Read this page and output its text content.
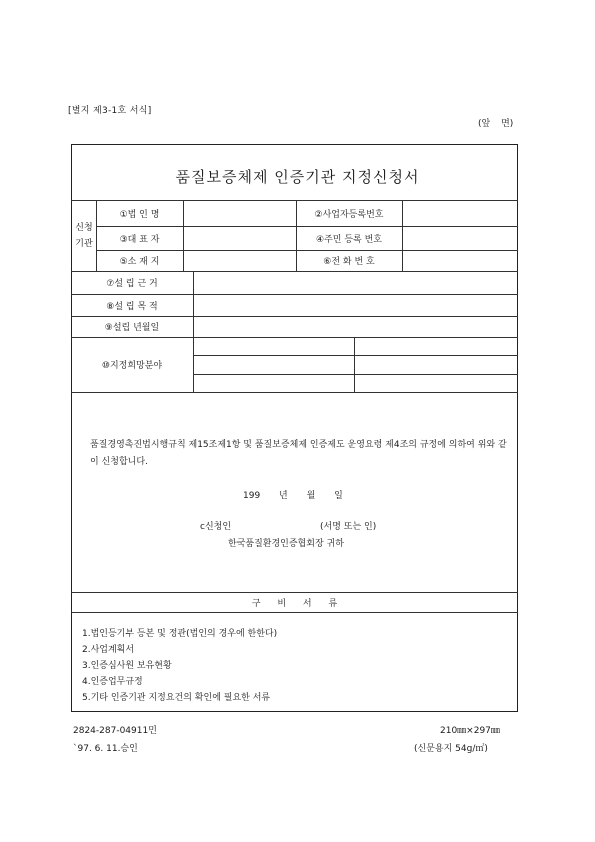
[별지 제3-1호 서식]
(앞 면)
품질보증체제 인증기관 지정신청서
신청
기관
①법 인 명	②사업자등록번호
③대 표 자	④주민 등록 번호
⑤소 재 지	⑥전 화 번 호
⑦설 립 근 거
⑧설 립 목 적
⑨설립 년월일
⑩지정희망분야
품질경영촉진법시행규칙 제15조제1항 및 품질보증체제 인증제도 운영요령 제4조의 규정에 의하여 위와 같이 신청합니다.
199 년 월 일
c신청인	(서명 또는 인)
한국품질환경인증협회장 귀하
구 비 서 류
1.법인등기부 등본 및 정관(법인의 경우에 한한다)
2.사업계획서
3.인증심사원 보유현황
4.인증업무규정
5.기타 인증기관 지정요건의 확인에 필요한 서류
2824-287-04911민
`97. 6. 11.승인
210㎜×297㎜
(신문용지 54g/㎡)
